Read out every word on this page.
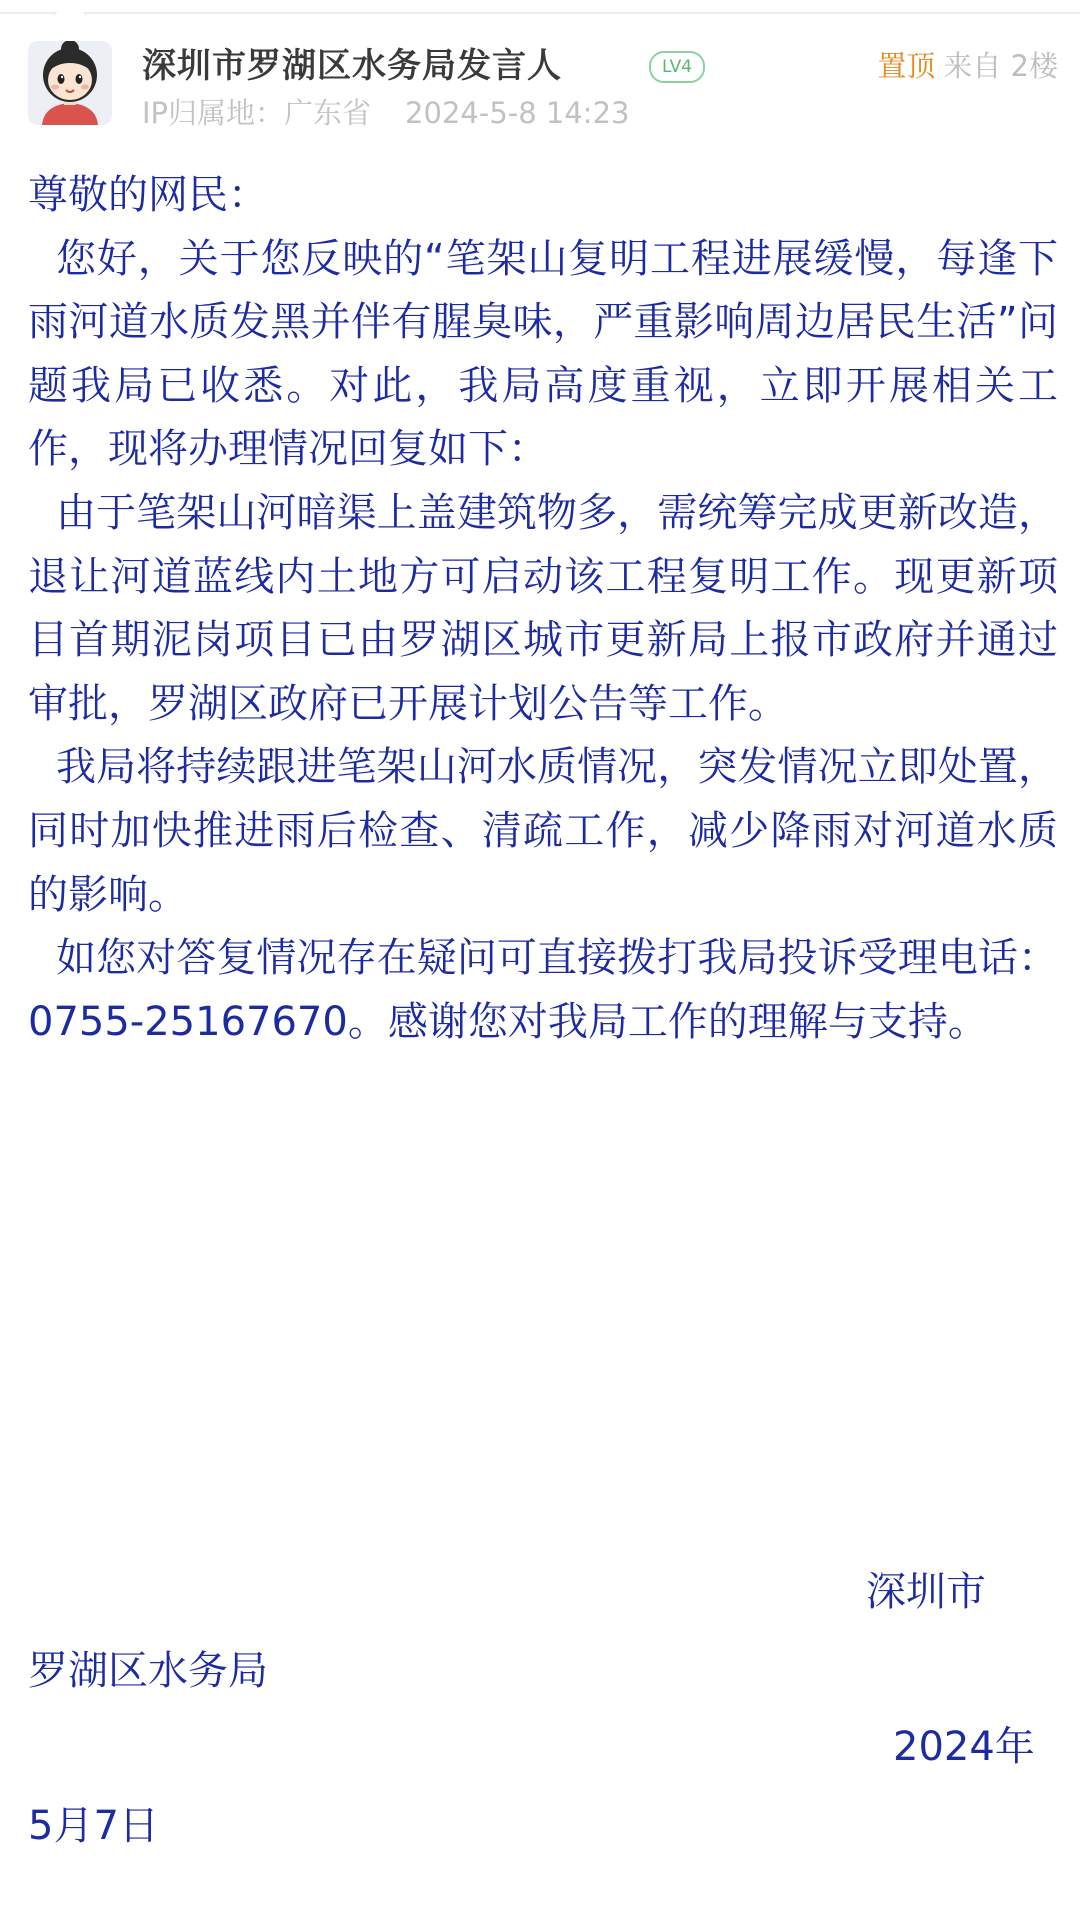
深圳市罗湖区水务局发言人	LV4
IP归属地：广东省 2024-5-8 14:23
置顶 来自 2楼

尊敬的网民：

您好，关于您反映的“笔架山复明工程进展缓慢，每逢下雨河道水质发黑并伴有腥臭味，严重影响周边居民生活”问题我局已收悉。对此，我局高度重视，立即开展相关工作，现将办理情况回复如下：

由于笔架山河暗渠上盖建筑物多，需统筹完成更新改造，退让河道蓝线内土地方可启动该工程复明工作。现更新项目首期泥岗项目已由罗湖区城市更新局上报市政府并通过审批，罗湖区政府已开展计划公告等工作。

我局将持续跟进笔架山河水质情况，突发情况立即处置，同时加快推进雨后检查、清疏工作，减少降雨对河道水质的影响。

如您对答复情况存在疑问可直接拨打我局投诉受理电话：0755-25167670。感谢您对我局工作的理解与支持。

深圳市
罗湖区水务局
2024年
5月7日
